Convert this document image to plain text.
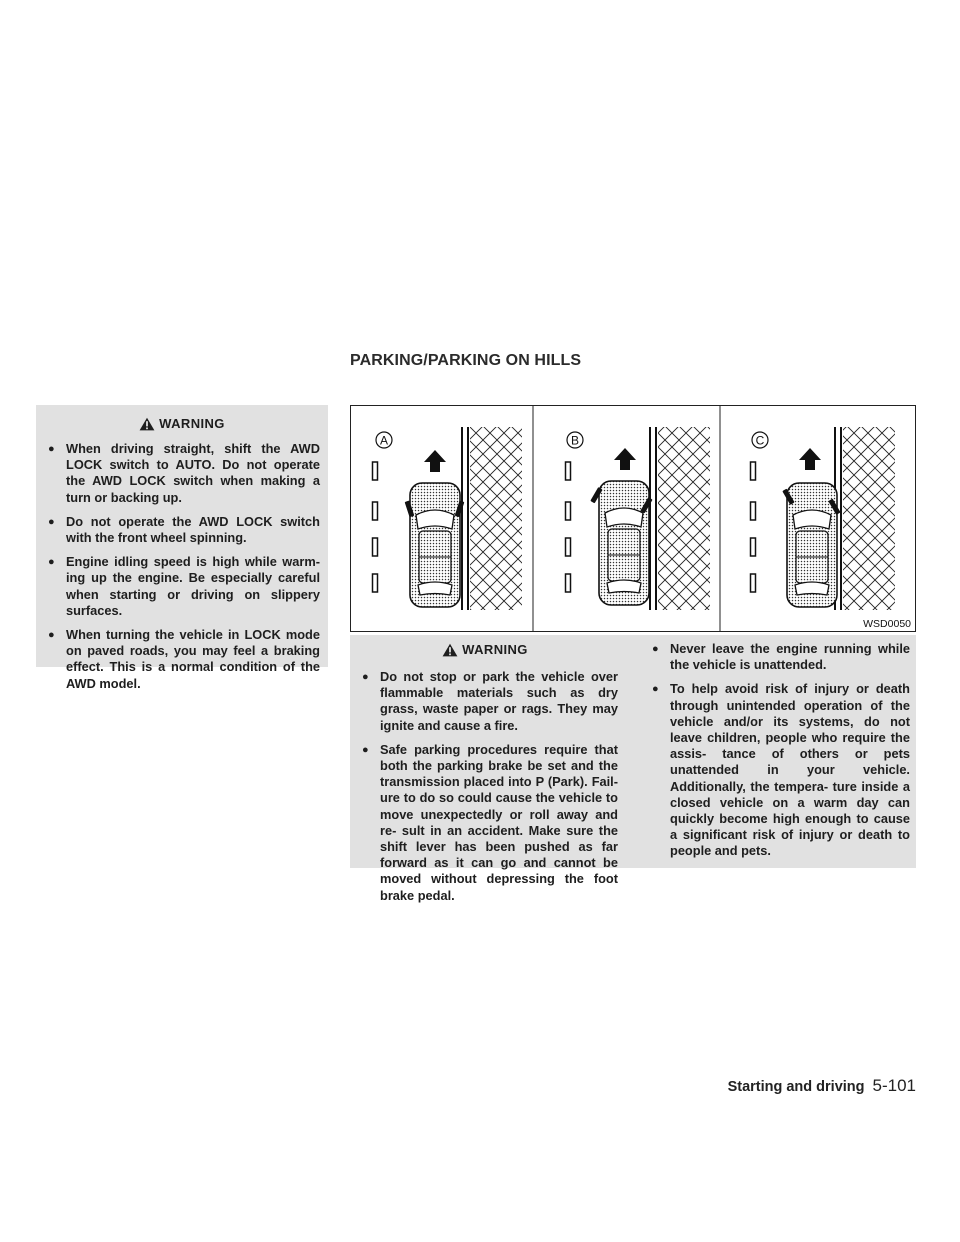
PARKING/PARKING ON HILLS
WARNING
● When driving straight, shift the AWD LOCK switch to AUTO. Do not operate the AWD LOCK switch when making a turn or backing up.
● Do not operate the AWD LOCK switch with the front wheel spinning.
● Engine idling speed is high while warm- ing up the engine. Be especially careful when starting or driving on slippery surfaces.
● When turning the vehicle in LOCK mode on paved roads, you may feel a braking effect. This is a normal condition of the AWD model.
A	B	C
WSD0050
WARNING
● Do not stop or park the vehicle over flammable materials such as dry grass, waste paper or rags. They may ignite and cause a fire.
● Safe parking procedures require that both the parking brake be set and the transmission placed into P (Park). Fail- ure to do so could cause the vehicle to move unexpectedly or roll away and re- sult in an accident. Make sure the shift lever has been pushed as far forward as it can go and cannot be moved without depressing the foot brake pedal.
● Never leave the engine running while the vehicle is unattended.
● To help avoid risk of injury or death through unintended operation of the vehicle and/or its systems, do not leave children, people who require the assis- tance of others or pets unattended in your vehicle. Additionally, the tempera- ture inside a closed vehicle on a warm day can quickly become high enough to cause a significant risk of injury or death to people and pets.
Starting and driving 5-101
